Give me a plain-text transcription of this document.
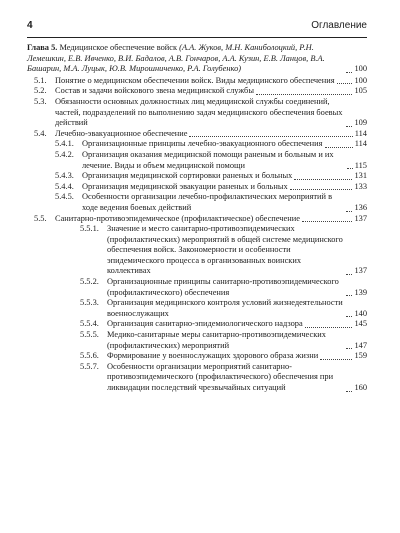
4	Оглавление
Глава 5. Медицинское обеспечение войск (А.А. Жуков, М.Н. Каниболоцкий, Р.Н. Лемешкин, Е.В. Ивченко, В.И. Бадалов, А.В. Гончаров, А.А. Кузин, Е.В. Ланцов, В.А. Башарин, М.А. Луцык, Ю.В. Мирошниченко, Р.А. Голубенко)	100
5.1. Понятие о медицинском обеспечении войск. Виды медицинского обеспечения 100
5.2. Состав и задачи войскового звена медицинской службы	105
5.3. Обязанности основных должностных лиц медицинской службы соединений, частей, подразделений по выполнению задач медицинского обеспечения боевых действий	109
5.4. Лечебно-эвакуационное обеспечение	114
5.4.1. Организационные принципы лечебно-эвакуационного обеспечения	114
5.4.2. Организация оказания медицинской помощи раненым и больным и их лечение. Виды и объем медицинской помощи	115
5.4.3. Организация медицинской сортировки раненых и больных	131
5.4.4. Организация медицинской эвакуации раненых и больных	133
5.4.5. Особенности организации лечебно-профилактических мероприятий в ходе ведения боевых действий	136
5.5. Санитарно-противоэпидемическое (профилактическое) обеспечение	137
5.5.1. Значение и место санитарно-противоэпидемических (профилактических) мероприятий в общей системе медицинского обеспечения войск. Закономерности и особенности эпидемического процесса в организованных воинских коллективах	137
5.5.2. Организационные принципы санитарно-противоэпидемического (профилактического) обеспечения	139
5.5.3. Организация медицинского контроля условий жизнедеятельности военнослужащих	140
5.5.4. Организация санитарно-эпидемиологического надзора	145
5.5.5. Медико-санитарные меры санитарно-противоэпидемических (профилактических) мероприятий	147
5.5.6. Формирование у военнослужащих здорового образа жизни	159
5.5.7. Особенности организации мероприятий санитарно-противоэпидемического (профилактического) обеспечения при ликвидации последствий чрезвычайных ситуаций	160
